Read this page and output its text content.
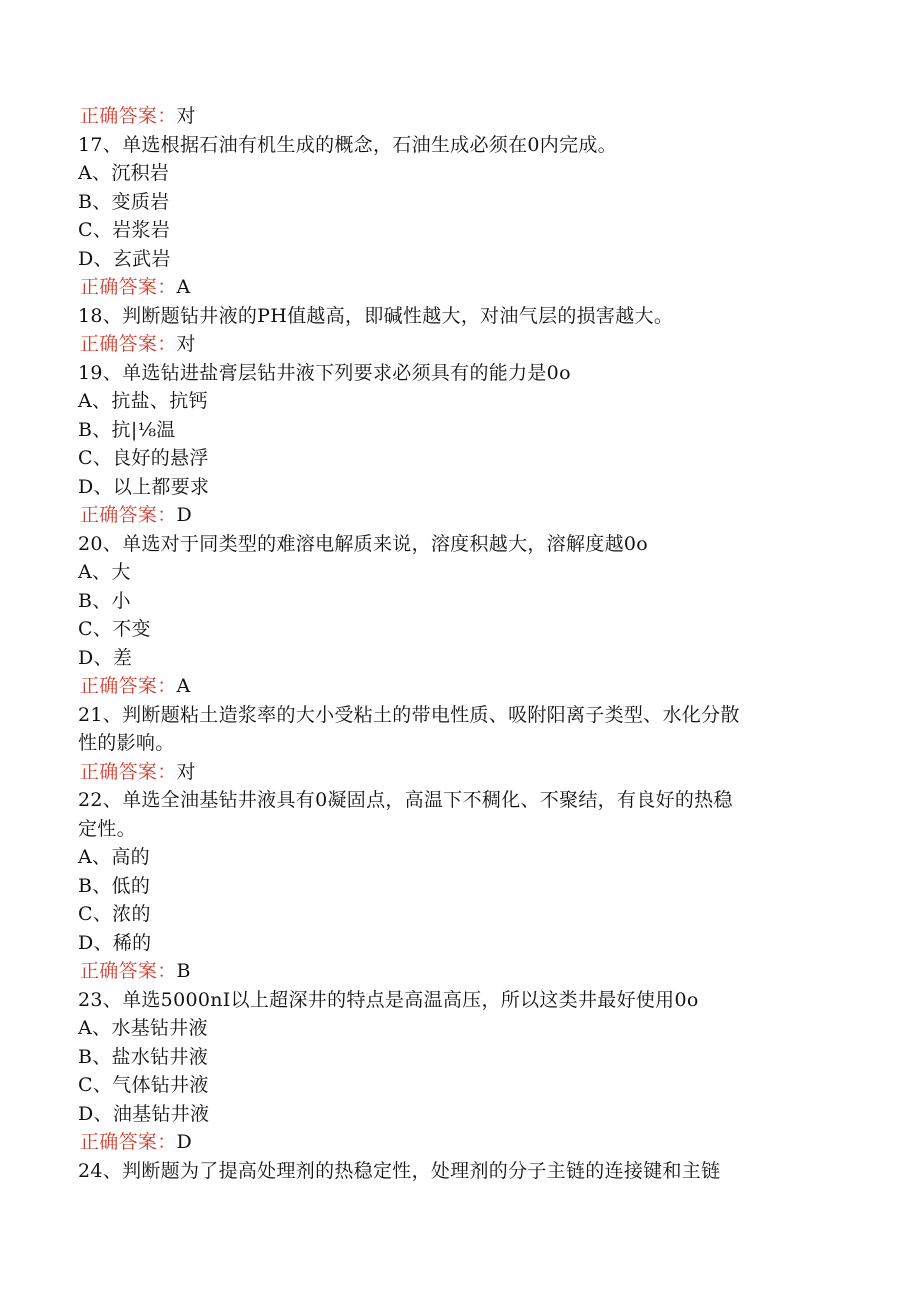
正确答案：对
17、单选根据石油有机生成的概念，石油生成必须在0内完成。
A、沉积岩
B、变质岩
C、岩浆岩
D、玄武岩
正确答案：A
18、判断题钻井液的PH值越高，即碱性越大，对油气层的损害越大。
正确答案：对
19、单选钻进盐膏层钻井液下列要求必须具有的能力是0o
A、抗盐、抗钙
B、抗|⅛温
C、良好的悬浮
D、以上都要求
正确答案：D
20、单选对于同类型的难溶电解质来说，溶度积越大，溶解度越0o
A、大
B、小
C、不变
D、差
正确答案：A
21、判断题粘土造浆率的大小受粘土的带电性质、吸附阳离子类型、水化分散
性的影响。
正确答案：对
22、单选全油基钻井液具有0凝固点，高温下不稠化、不聚结，有良好的热稳
定性。
A、高的
B、低的
C、浓的
D、稀的
正确答案：B
23、单选5000nI以上超深井的特点是高温高压，所以这类井最好使用0o
A、水基钻井液
B、盐水钻井液
C、气体钻井液
D、油基钻井液
正确答案：D
24、判断题为了提高处理剂的热稳定性，处理剂的分子主链的连接键和主链
